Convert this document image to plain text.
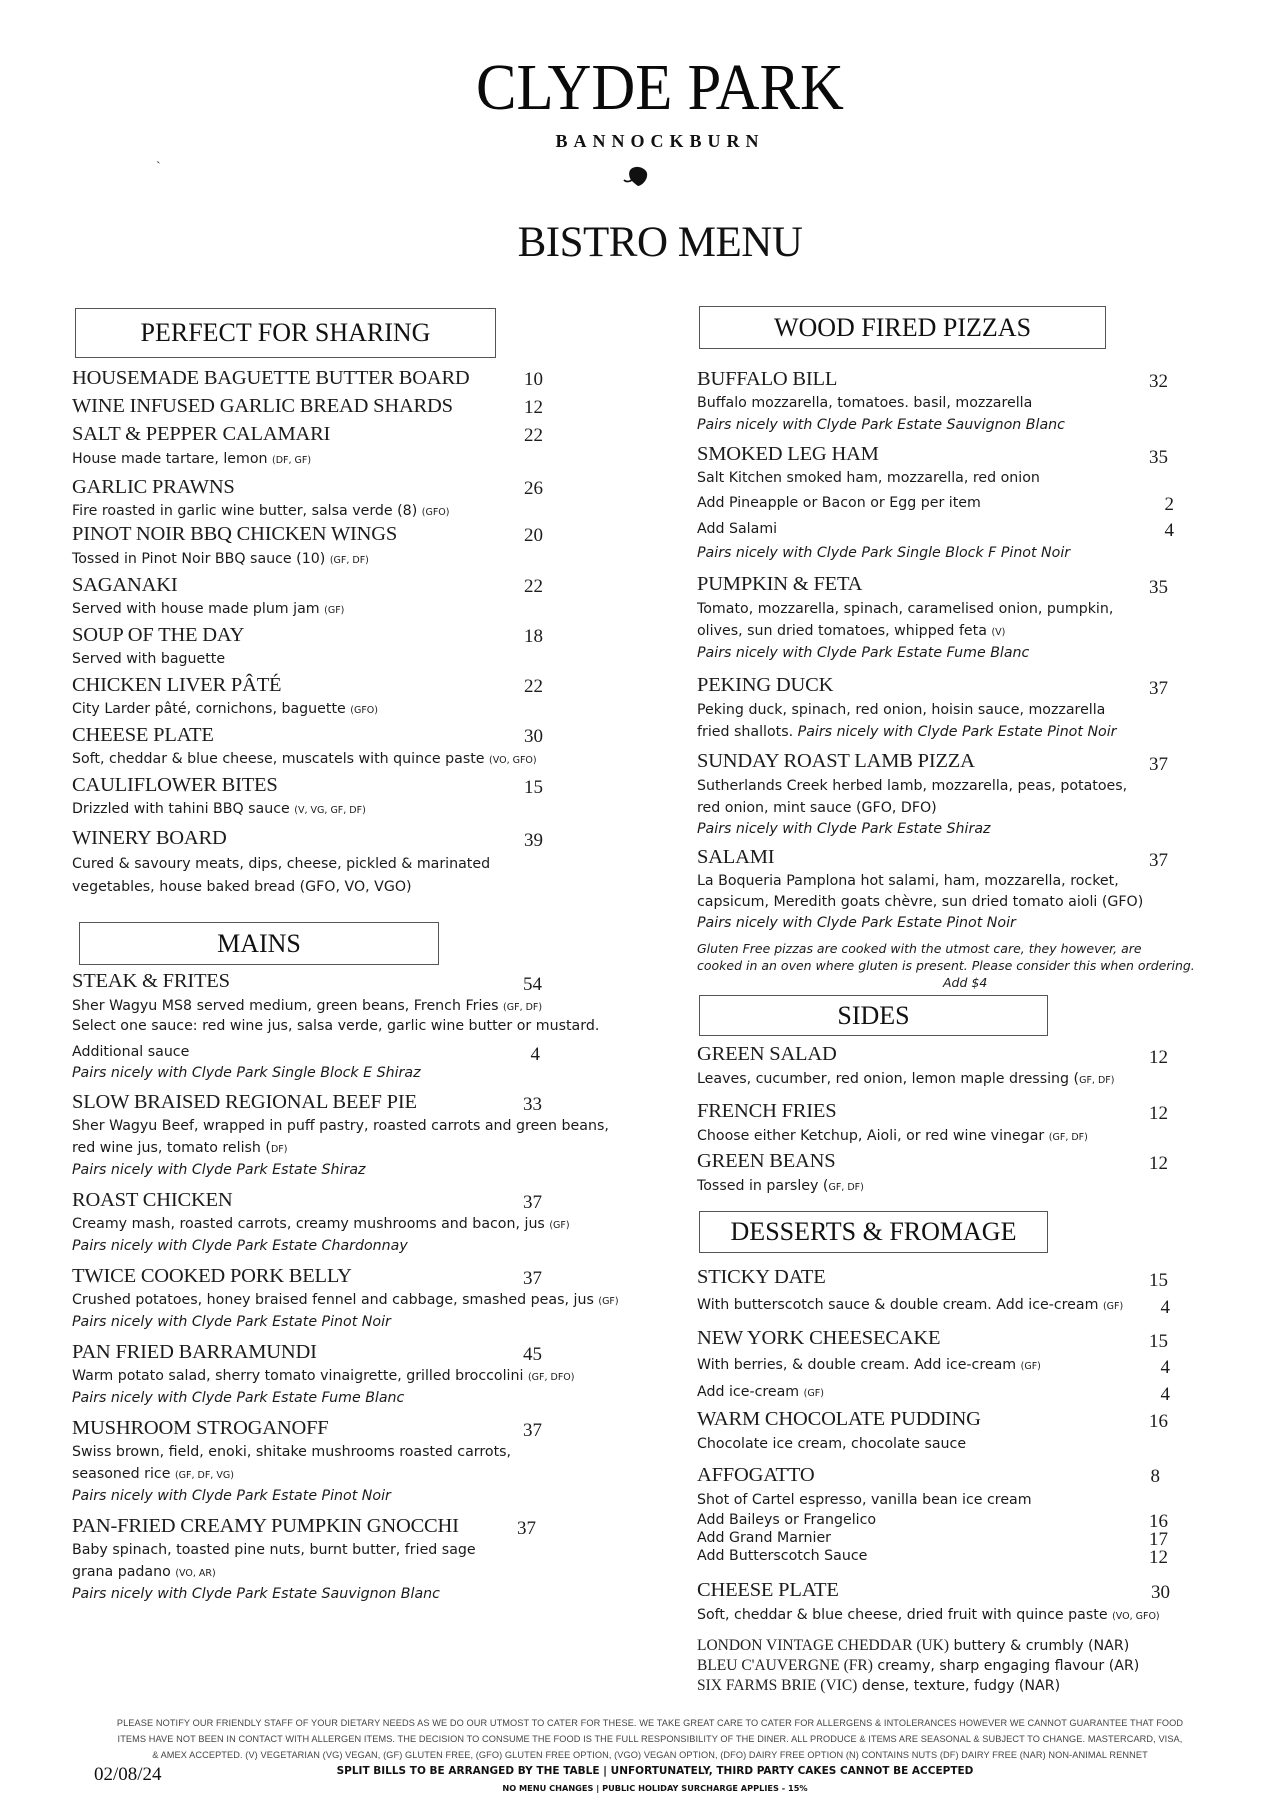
CLYDE PARK
BANNOCKBURN
`
BISTRO MENU
PERFECT FOR SHARING
HOUSEMADE BAGUETTE BUTTER BOARD	10
WINE INFUSED GARLIC BREAD SHARDS	12
SALT & PEPPER CALAMARI	22
House made tartare, lemon (DF, GF)
GARLIC PRAWNS	26
Fire roasted in garlic wine butter, salsa verde (8) (GFO)
PINOT NOIR BBQ CHICKEN WINGS	20
Tossed in Pinot Noir BBQ sauce (10) (GF, DF)
SAGANAKI	22
Served with house made plum jam (GF)
SOUP OF THE DAY	18
Served with baguette
CHICKEN LIVER PÂTÉ	22
City Larder pâté, cornichons, baguette (GFO)
CHEESE PLATE	30
Soft, cheddar & blue cheese, muscatels with quince paste (VO, GFO)
CAULIFLOWER BITES	15
Drizzled with tahini BBQ sauce (V, VG, GF, DF)
WINERY BOARD	39
Cured & savoury meats, dips, cheese, pickled & marinated
vegetables, house baked bread (GFO, VO, VGO)
MAINS
STEAK & FRITES	54
Sher Wagyu MS8 served medium, green beans, French Fries (GF, DF)
Select one sauce: red wine jus, salsa verde, garlic wine butter or mustard.
Additional sauce	4
Pairs nicely with Clyde Park Single Block E Shiraz
SLOW BRAISED REGIONAL BEEF PIE	33
Sher Wagyu Beef, wrapped in puff pastry, roasted carrots and green beans,
red wine jus, tomato relish (DF)
Pairs nicely with Clyde Park Estate Shiraz
ROAST CHICKEN	37
Creamy mash, roasted carrots, creamy mushrooms and bacon, jus (GF)
Pairs nicely with Clyde Park Estate Chardonnay
TWICE COOKED PORK BELLY	37
Crushed potatoes, honey braised fennel and cabbage, smashed peas, jus (GF)
Pairs nicely with Clyde Park Estate Pinot Noir
PAN FRIED BARRAMUNDI	45
Warm potato salad, sherry tomato vinaigrette, grilled broccolini (GF, DFO)
Pairs nicely with Clyde Park Estate Fume Blanc
MUSHROOM STROGANOFF	37
Swiss brown, field, enoki, shitake mushrooms roasted carrots,
seasoned rice (GF, DF, VG)
Pairs nicely with Clyde Park Estate Pinot Noir
PAN-FRIED CREAMY PUMPKIN GNOCCHI	37
Baby spinach, toasted pine nuts, burnt butter, fried sage
grana padano (VO, AR)
Pairs nicely with Clyde Park Estate Sauvignon Blanc
WOOD FIRED PIZZAS
BUFFALO BILL	32
Buffalo mozzarella, tomatoes. basil, mozzarella
Pairs nicely with Clyde Park Estate Sauvignon Blanc
SMOKED LEG HAM	35
Salt Kitchen smoked ham, mozzarella, red onion
Add Pineapple or Bacon or Egg per item	2
Add Salami	4
Pairs nicely with Clyde Park Single Block F Pinot Noir
PUMPKIN & FETA	35
Tomato, mozzarella, spinach, caramelised onion, pumpkin,
olives, sun dried tomatoes, whipped feta (V)
Pairs nicely with Clyde Park Estate Fume Blanc
PEKING DUCK	37
Peking duck, spinach, red onion, hoisin sauce, mozzarella
fried shallots. Pairs nicely with Clyde Park Estate Pinot Noir
SUNDAY ROAST LAMB PIZZA	37
Sutherlands Creek herbed lamb, mozzarella, peas, potatoes,
red onion, mint sauce (GFO, DFO)
Pairs nicely with Clyde Park Estate Shiraz
SALAMI	37
La Boqueria Pamplona hot salami, ham, mozzarella, rocket,
capsicum, Meredith goats chèvre, sun dried tomato aioli (GFO)
Pairs nicely with Clyde Park Estate Pinot Noir
Gluten Free pizzas are cooked with the utmost care, they however, are
cooked in an oven where gluten is present. Please consider this when ordering.
Add $4
SIDES
GREEN SALAD	12
Leaves, cucumber, red onion, lemon maple dressing (GF, DF)
FRENCH FRIES	12
Choose either Ketchup, Aioli, or red wine vinegar (GF, DF)
GREEN BEANS	12
Tossed in parsley (GF, DF)
DESSERTS & FROMAGE
STICKY DATE	15
With butterscotch sauce & double cream. Add ice-cream (GF)	4
NEW YORK CHEESECAKE	15
With berries, & double cream. Add ice-cream (GF)	4
Add ice-cream (GF)	4
WARM CHOCOLATE PUDDING	16
Chocolate ice cream, chocolate sauce
AFFOGATTO	8
Shot of Cartel espresso, vanilla bean ice cream
Add Baileys or Frangelico	16
Add Grand Marnier	17
Add Butterscotch Sauce	12
CHEESE PLATE	30
Soft, cheddar & blue cheese, dried fruit with quince paste (VO, GFO)
LONDON VINTAGE CHEDDAR (UK) buttery & crumbly (NAR)
BLEU C'AUVERGNE (FR) creamy, sharp engaging flavour (AR)
SIX FARMS BRIE (VIC) dense, texture, fudgy (NAR)
PLEASE NOTIFY OUR FRIENDLY STAFF OF YOUR DIETARY NEEDS AS WE DO OUR UTMOST TO CATER FOR THESE. WE TAKE GREAT CARE TO CATER FOR ALLERGENS & INTOLERANCES HOWEVER WE CANNOT GUARANTEE THAT FOOD
ITEMS HAVE NOT BEEN IN CONTACT WITH ALLERGEN ITEMS. THE DECISION TO CONSUME THE FOOD IS THE FULL RESPONSIBILITY OF THE DINER. ALL PRODUCE & ITEMS ARE SEASONAL & SUBJECT TO CHANGE. MASTERCARD, VISA,
& AMEX ACCEPTED. (V) VEGETARIAN (VG) VEGAN, (GF) GLUTEN FREE, (GFO) GLUTEN FREE OPTION, (VGO) VEGAN OPTION, (DFO) DAIRY FREE OPTION (N) CONTAINS NUTS (DF) DAIRY FREE (NAR) NON-ANIMAL RENNET
02/08/24	SPLIT BILLS TO BE ARRANGED BY THE TABLE | UNFORTUNATELY, THIRD PARTY CAKES CANNOT BE ACCEPTED
NO MENU CHANGES | PUBLIC HOLIDAY SURCHARGE APPLIES - 15%
